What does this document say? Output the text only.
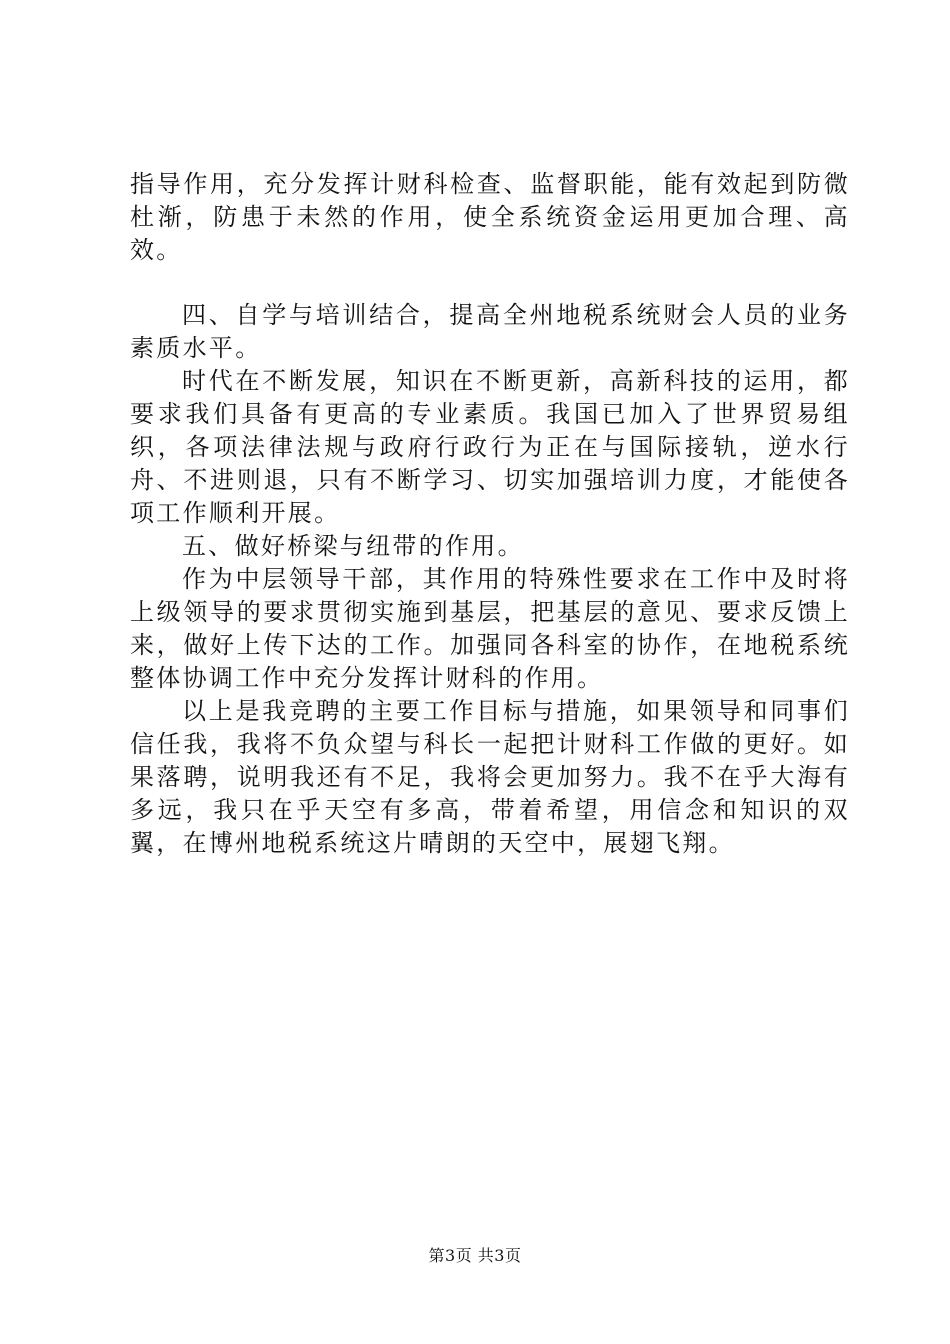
指导作用，充分发挥计财科检查、监督职能，能有效起到防微杜渐，防患于未然的作用，使全系统资金运用更加合理、高效。

四、自学与培训结合，提高全州地税系统财会人员的业务素质水平。

时代在不断发展，知识在不断更新，高新科技的运用，都要求我们具备有更高的专业素质。我国已加入了世界贸易组织，各项法律法规与政府行政行为正在与国际接轨，逆水行舟、不进则退，只有不断学习、切实加强培训力度，才能使各项工作顺利开展。

五、做好桥梁与纽带的作用。

作为中层领导干部，其作用的特殊性要求在工作中及时将上级领导的要求贯彻实施到基层，把基层的意见、要求反馈上来，做好上传下达的工作。加强同各科室的协作，在地税系统整体协调工作中充分发挥计财科的作用。

以上是我竞聘的主要工作目标与措施，如果领导和同事们信任我，我将不负众望与科长一起把计财科工作做的更好。如果落聘，说明我还有不足，我将会更加努力。我不在乎大海有多远，我只在乎天空有多高，带着希望，用信念和知识的双翼，在博州地税系统这片晴朗的天空中，展翅飞翔。

第3页 共3页
